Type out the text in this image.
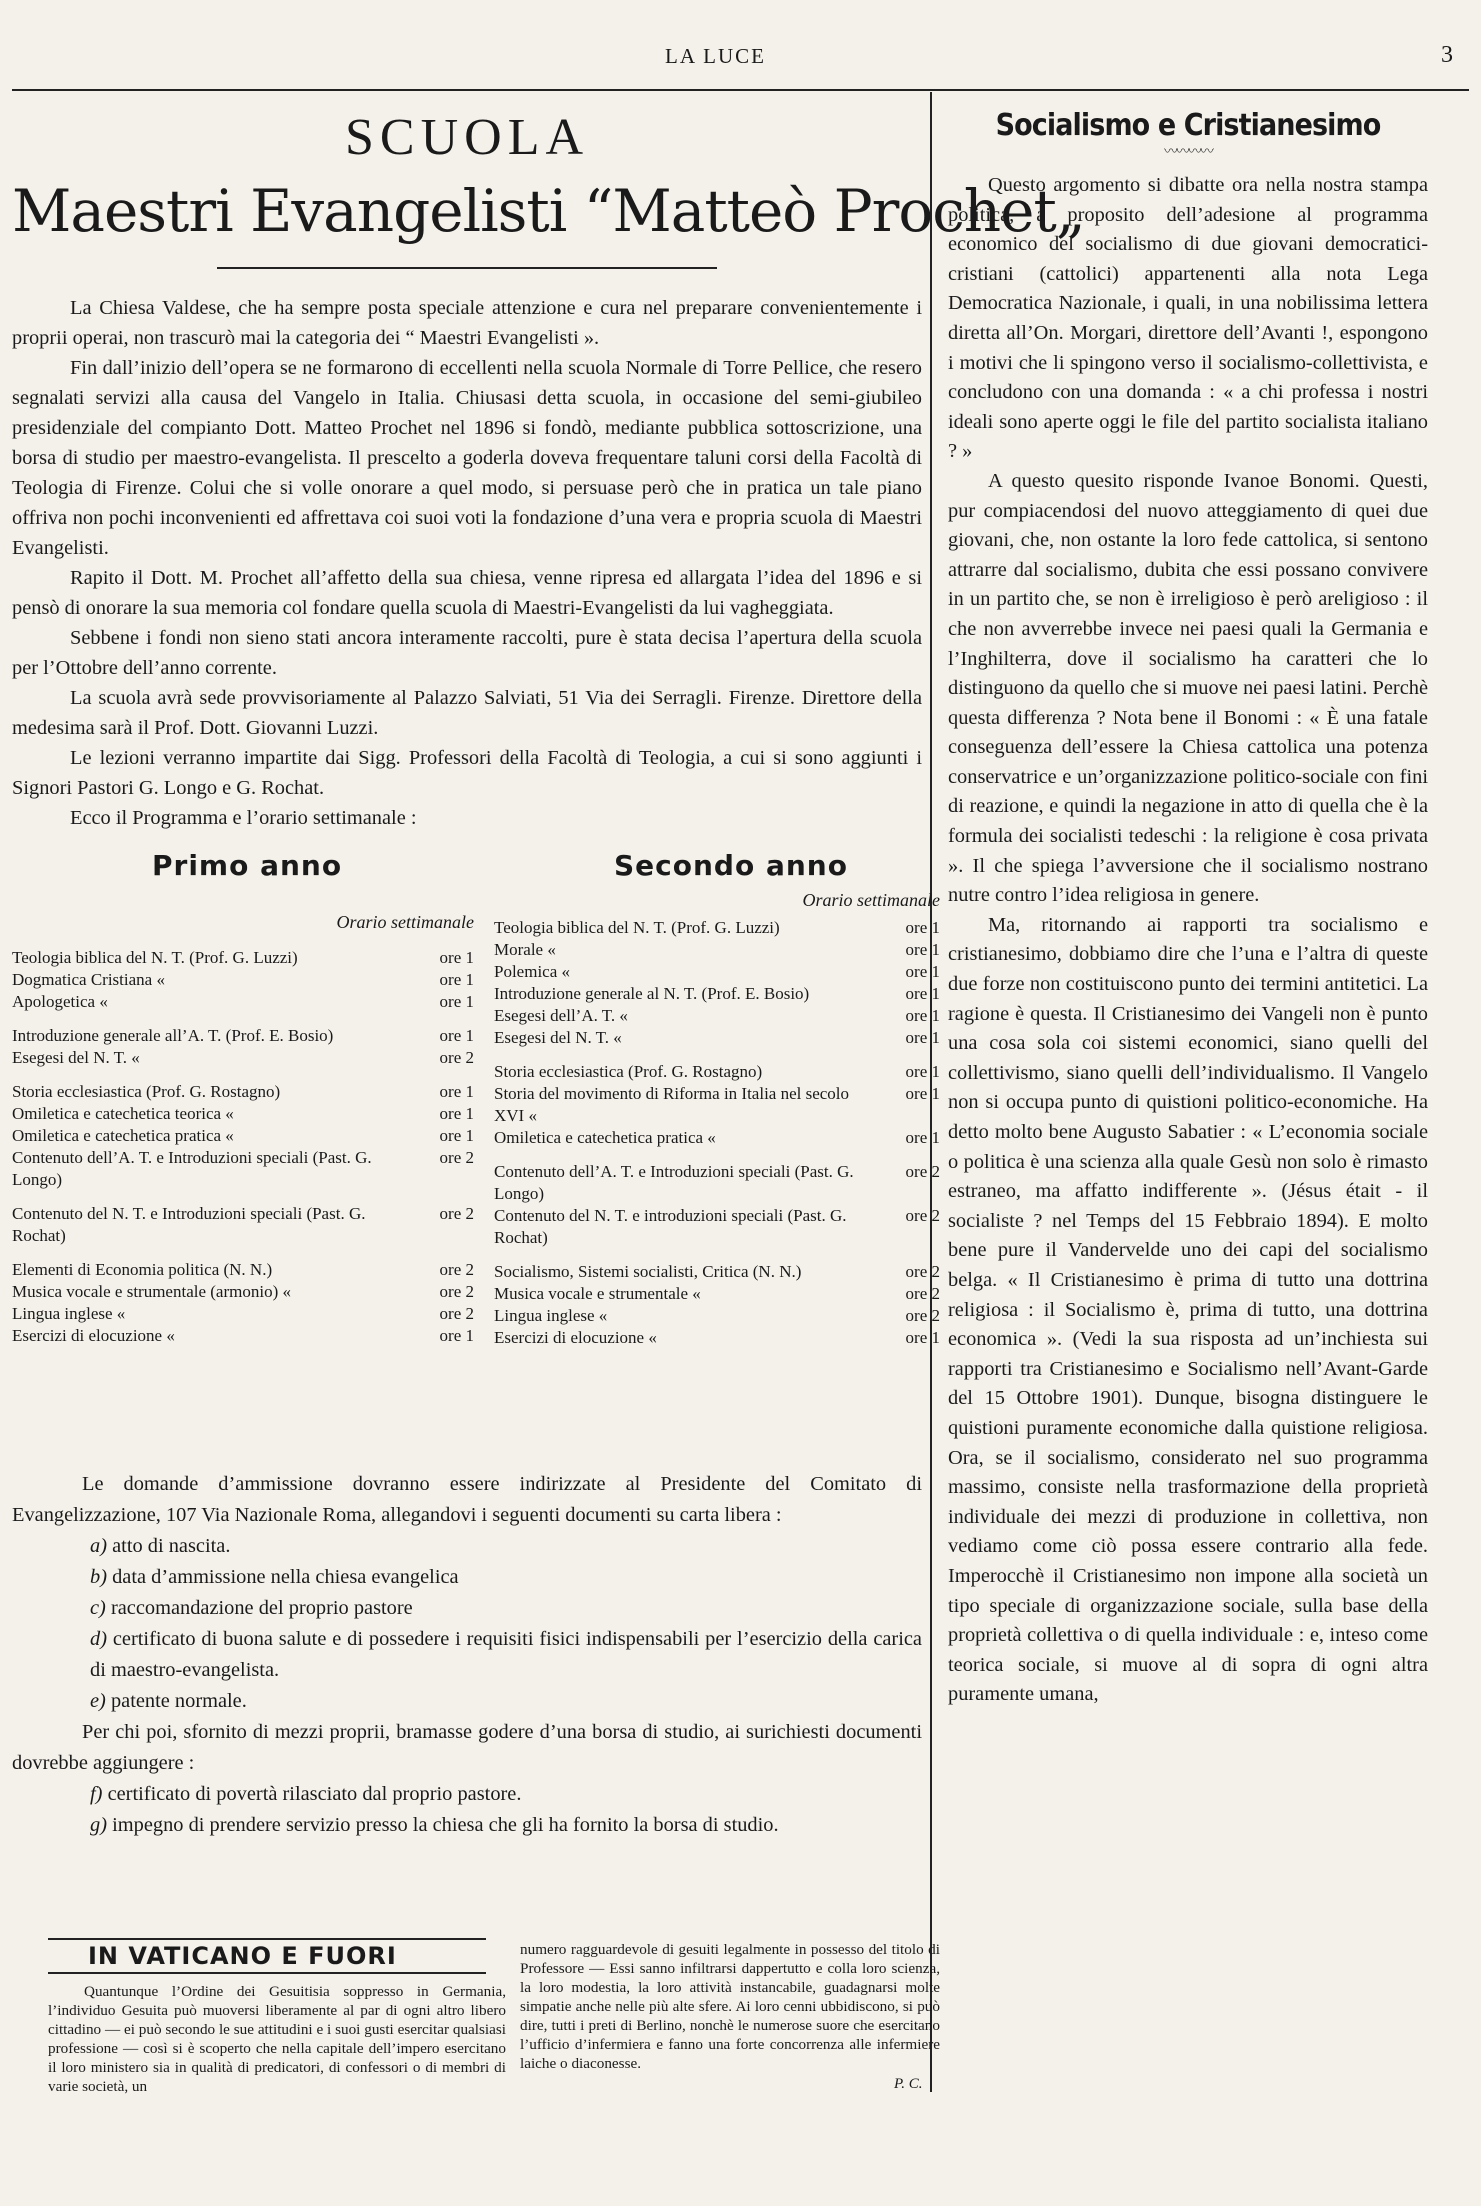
LA LUCE	3
SCUOLA
Maestri Evangelisti “Matteò Prochet„

La Chiesa Valdese, che ha sempre posta speciale attenzione e cura nel preparare convenientemente i proprii operai, non trascurò mai la categoria dei “ Maestri Evangelisti ».

Fin dall’inizio dell’opera se ne formarono di eccellenti nella scuola Normale di Torre Pellice, che resero segnalati servizi alla causa del Vangelo in Italia. Chiusasi detta scuola, in occasione del semi-giubileo presidenziale del compianto Dott. Matteo Prochet nel 1896 si fondò, mediante pubblica sottoscrizione, una borsa di studio per maestro-evangelista. Il prescelto a goderla doveva frequentare taluni corsi della Facoltà di Teologia di Firenze. Colui che si volle onorare a quel modo, si persuase però che in pratica un tale piano offriva non pochi inconvenienti ed affrettava coi suoi voti la fondazione d’una vera e propria scuola di Maestri Evangelisti.

Rapito il Dott. M. Prochet all’affetto della sua chiesa, venne ripresa ed allargata l’idea del 1896 e si pensò di onorare la sua memoria col fondare quella scuola di Maestri-Evangelisti da lui vagheggiata.

Sebbene i fondi non sieno stati ancora interamente raccolti, pure è stata decisa l’apertura della scuola per l’Ottobre dell’anno corrente.

La scuola avrà sede provvisoriamente al Palazzo Salviati, 51 Via dei Serragli. Firenze. Direttore della medesima sarà il Prof. Dott. Giovanni Luzzi.

Le lezioni verranno impartite dai Sigg. Professori della Facoltà di Teologia, a cui si sono aggiunti i Signori Pastori G. Longo e G. Rochat.

Ecco il Programma e l’orario settimanale :

Primo anno
Orario settimanale
Teologia biblica del N. T. (Prof. G. Luzzi)	ore 1
Dogmatica Cristiana «	ore 1
Apologetica «	ore 1
Introduzione generale all’A. T. (Prof. E. Bosio)	ore 1
Esegesi del N. T. «	ore 2
Storia ecclesiastica (Prof. G. Rostagno)	ore 1
Omiletica e catechetica teorica «	ore 1
Omiletica e catechetica pratica «	ore 1
Contenuto dell’A. T. e Introduzioni speciali (Past. G. Longo)
ore 2
Contenuto del N. T. e Introduzioni speciali (Past. G. Rochat)
ore 2
Elementi di Economia politica (N. N.)	ore 2
Musica vocale e strumentale (armonio) «	ore 2
Lingua inglese «	ore 2
Esercizi di elocuzione «	ore 1
Secondo anno
Orario settimanale
Teologia biblica del N. T. (Prof. G. Luzzi)	ore 1
Morale «	ore 1
Polemica «	ore 1
Introduzione generale al N. T. (Prof. E. Bosio)	ore 1
Esegesi dell’A. T. «	ore 1
Esegesi del N. T. «	ore 1
Storia ecclesiastica (Prof. G. Rostagno)	ore 1
Storia del movimento di Riforma in Italia nel secolo XVI «
ore 1
Omiletica e catechetica pratica «	ore 1
Contenuto dell’A. T. e Introduzioni speciali (Past. G. Longo)
ore 2
Contenuto del N. T. e introduzioni speciali (Past. G. Rochat)
ore 2
Socialismo, Sistemi socialisti, Critica (N. N.)	ore 2
Musica vocale e strumentale «	ore 2
Lingua inglese «	ore 2
Esercizi di elocuzione «	ore 1

Le domande d’ammissione dovranno essere indirizzate al Presidente del Comitato di Evangelizzazione, 107 Via Nazionale Roma, allegandovi i seguenti documenti su carta libera :

a) atto di nascita.

b) data d’ammissione nella chiesa evangelica

c) raccomandazione del proprio pastore

d) certificato di buona salute e di possedere i requisiti fisici indispensabili per l’esercizio della carica di maestro-evangelista.

e) patente normale.

Per chi poi, sfornito di mezzi proprii, bramasse godere d’una borsa di studio, ai surichiesti documenti dovrebbe aggiungere :

f) certificato di povertà rilasciato dal proprio pastore.

g) impegno di prendere servizio presso la chiesa che gli ha fornito la borsa di studio.

IN VATICANO E FUORI

Quantunque l’Ordine dei Gesuitisia soppresso in Germania, l’individuo Gesuita può muoversi liberamente al par di ogni altro libero cittadino — ei può secondo le sue attitudini e i suoi gusti esercitar qualsiasi professione — così si è scoperto che nella capitale dell’impero esercitano il loro ministero sia in qualità di predicatori, di confessori o di membri di varie società, un

numero ragguardevole di gesuiti legalmente in possesso del titolo di Professore — Essi sanno infiltrarsi dappertutto e colla loro scienza, la loro modestia, la loro attività instancabile, guadagnarsi molte simpatie anche nelle più alte sfere. Ai loro cenni ubbidiscono, si può dire, tutti i preti di Berlino, nonchè le numerose suore che esercitano l’ufficio d’infermiera e fanno una forte concorrenza alle infermiere laiche o diaconesse.

P. C.
Socialismo e Cristianesimo
〰〰〰〰

Questo argomento si dibatte ora nella nostra stampa politica, a proposito dell’adesione al programma economico del socialismo di due giovani democratici-cristiani (cattolici) appartenenti alla nota Lega Democratica Nazionale, i quali, in una nobilissima lettera diretta all’On. Morgari, direttore dell’Avanti !, espongono i motivi che li spingono verso il socialismo-collettivista, e concludono con una domanda : « a chi professa i nostri ideali sono aperte oggi le file del partito socialista italiano ? »

A questo quesito risponde Ivanoe Bonomi. Questi, pur compiacendosi del nuovo atteggiamento di quei due giovani, che, non ostante la loro fede cattolica, si sentono attrarre dal socialismo, dubita che essi possano convivere in un partito che, se non è irreligioso è però areligioso : il che non avverrebbe invece nei paesi quali la Germania e l’Inghilterra, dove il socialismo ha caratteri che lo distinguono da quello che si muove nei paesi latini. Perchè questa differenza ? Nota bene il Bonomi : « È una fatale conseguenza dell’essere la Chiesa cattolica una potenza conservatrice e un’organizzazione politico-sociale con fini di reazione, e quindi la negazione in atto di quella che è la formula dei socialisti tedeschi : la religione è cosa privata ». Il che spiega l’avversione che il socialismo nostrano nutre contro l’idea religiosa in genere.

Ma, ritornando ai rapporti tra socialismo e cristianesimo, dobbiamo dire che l’una e l’altra di queste due forze non costituiscono punto dei termini antitetici. La ragione è questa. Il Cristianesimo dei Vangeli non è punto una cosa sola coi sistemi economici, siano quelli del collettivismo, siano quelli dell’individualismo. Il Vangelo non si occupa punto di quistioni politico-economiche. Ha detto molto bene Augusto Sabatier : « L’economia sociale o politica è una scienza alla quale Gesù non solo è rimasto estraneo, ma affatto indifferente ». (Jésus était - il socialiste ? nel Temps del 15 Febbraio 1894). E molto bene pure il Vandervelde uno dei capi del socialismo belga. « Il Cristianesimo è prima di tutto una dottrina religiosa : il Socialismo è, prima di tutto, una dottrina economica ». (Vedi la sua risposta ad un’inchiesta sui rapporti tra Cristianesimo e Socialismo nell’Avant-Garde del 15 Ottobre 1901). Dunque, bisogna distinguere le quistioni puramente economiche dalla quistione religiosa. Ora, se il socialismo, considerato nel suo programma massimo, consiste nella trasformazione della proprietà individuale dei mezzi di produzione in collettiva, non vediamo come ciò possa essere contrario alla fede. Imperocchè il Cristianesimo non impone alla società un tipo speciale di organizzazione sociale, sulla base della proprietà collettiva o di quella individuale : e, inteso come teorica sociale, si muove al di sopra di ogni altra puramente umana,
